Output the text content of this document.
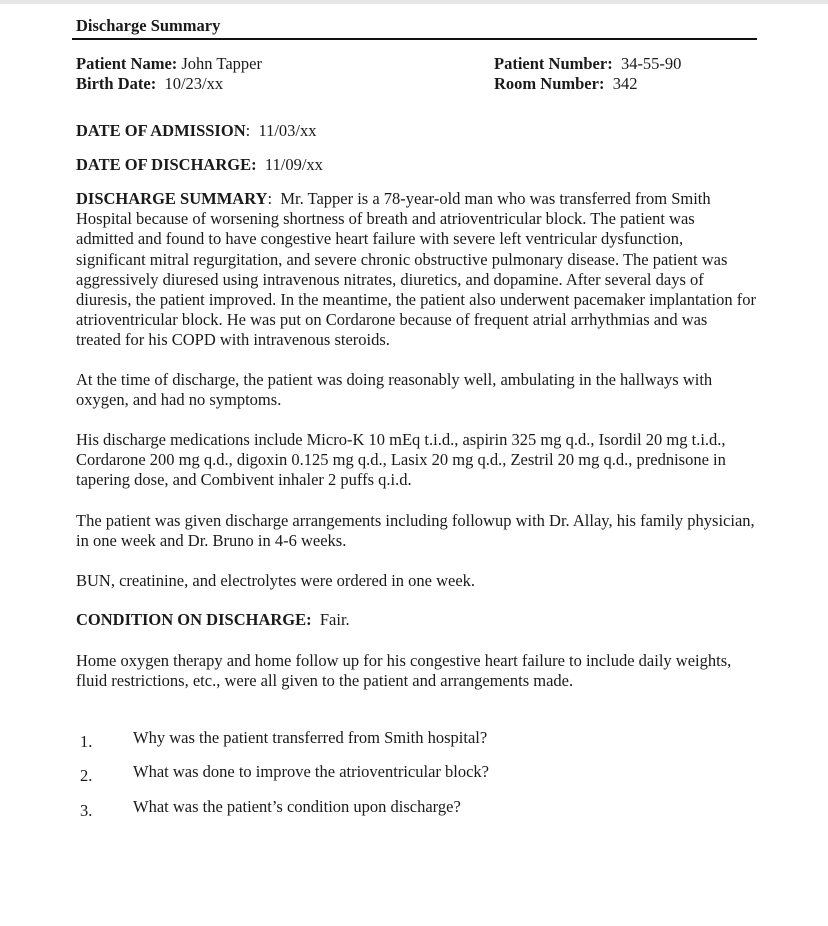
Discharge Summary
Patient Name: John Tapper
Birth Date: 10/23/xx
Patient Number: 34-55-90
Room Number: 342
DATE OF ADMISSION: 11/03/xx
DATE OF DISCHARGE: 11/09/xx
DISCHARGE SUMMARY: Mr. Tapper is a 78-year-old man who was transferred from Smith Hospital because of worsening shortness of breath and atrioventricular block. The patient was admitted and found to have congestive heart failure with severe left ventricular dysfunction, significant mitral regurgitation, and severe chronic obstructive pulmonary disease. The patient was aggressively diuresed using intravenous nitrates, diuretics, and dopamine. After several days of diuresis, the patient improved. In the meantime, the patient also underwent pacemaker implantation for atrioventricular block. He was put on Cordarone because of frequent atrial arrhythmias and was treated for his COPD with intravenous steroids.
At the time of discharge, the patient was doing reasonably well, ambulating in the hallways with oxygen, and had no symptoms.
His discharge medications include Micro-K 10 mEq t.i.d., aspirin 325 mg q.d., Isordil 20 mg t.i.d., Cordarone 200 mg q.d., digoxin 0.125 mg q.d., Lasix 20 mg q.d., Zestril 20 mg q.d., prednisone in tapering dose, and Combivent inhaler 2 puffs q.i.d.
The patient was given discharge arrangements including followup with Dr. Allay, his family physician, in one week and Dr. Bruno in 4-6 weeks.
BUN, creatinine, and electrolytes were ordered in one week.
CONDITION ON DISCHARGE: Fair.
Home oxygen therapy and home follow up for his congestive heart failure to include daily weights, fluid restrictions, etc., were all given to the patient and arrangements made.
1. Why was the patient transferred from Smith hospital?
2. What was done to improve the atrioventricular block?
3. What was the patient’s condition upon discharge?
